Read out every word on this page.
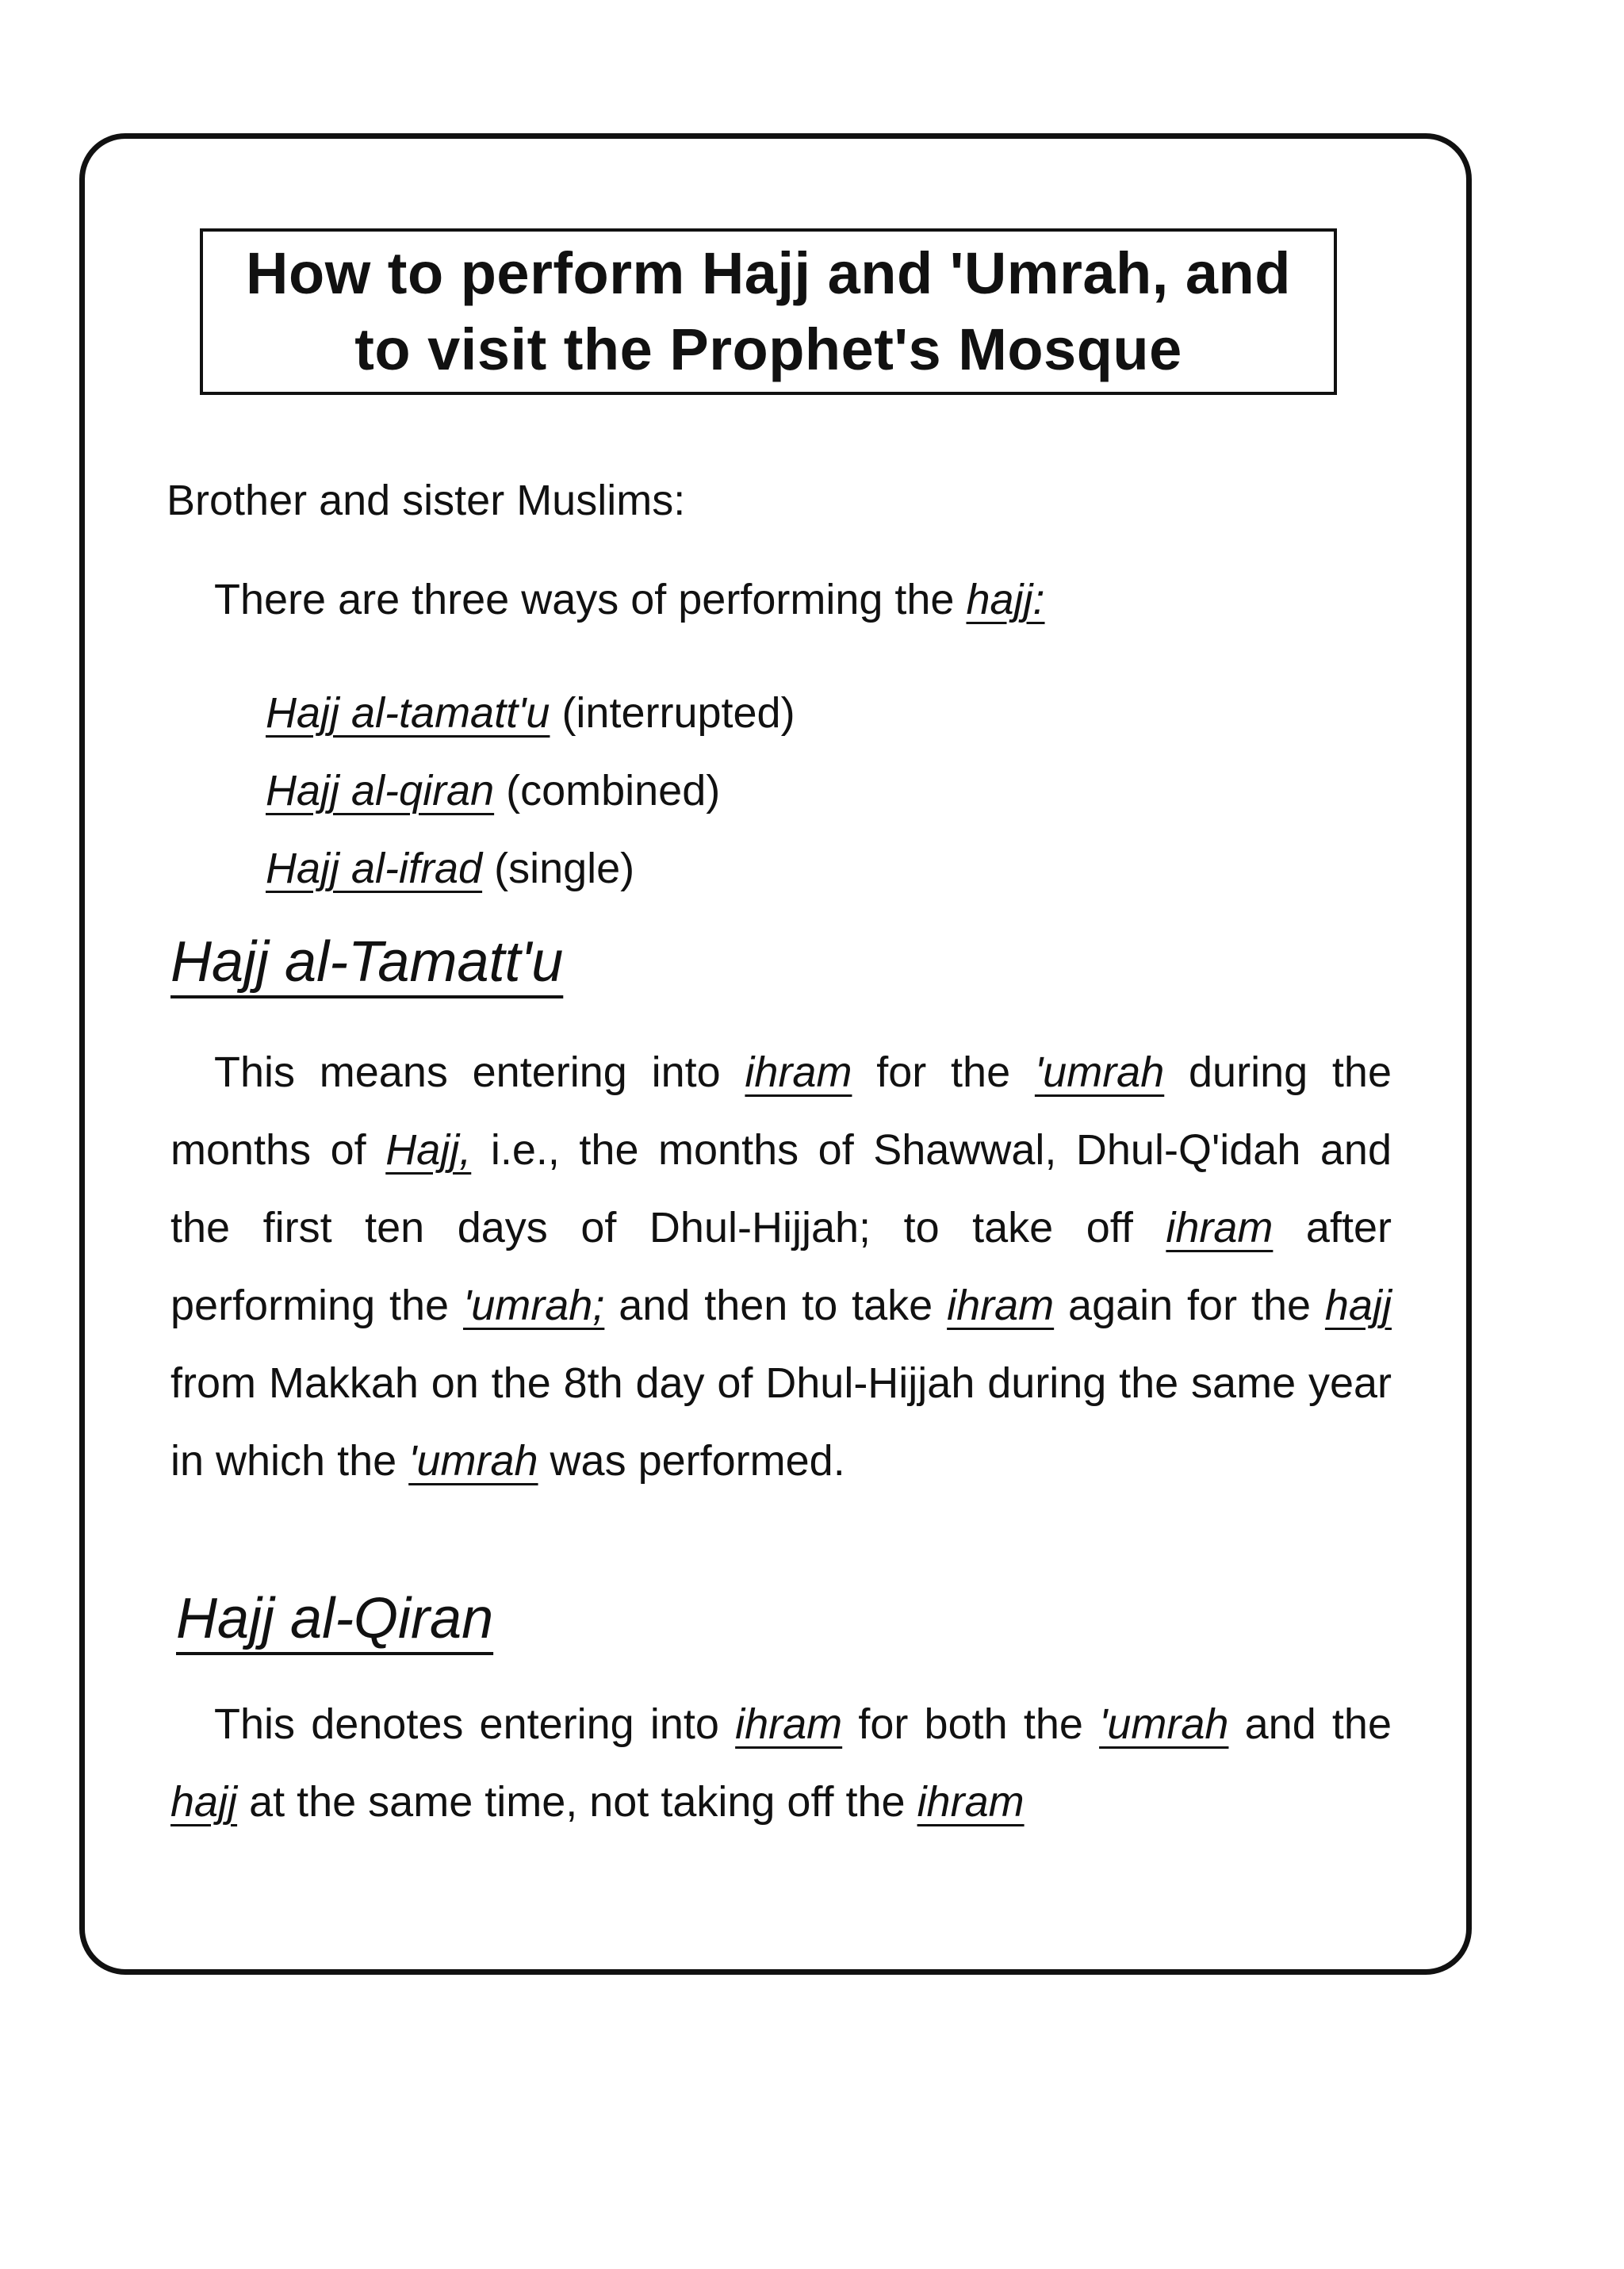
How to perform Hajj and 'Umrah, and
to visit the Prophet's Mosque
Brother and sister Muslims:
There are three ways of performing the hajj:
Hajj al-tamatt'u (interrupted)
Hajj al-qiran (combined)
Hajj al-ifrad (single)
Hajj al-Tamatt'u

This means entering into ihram for the 'umrah during the months of Hajj, i.e., the months of Shawwal, Dhul-Q'idah and the first ten days of Dhul-Hijjah; to take off ihram after performing the 'umrah; and then to take ihram again for the hajj from Makkah on the 8th day of Dhul-Hijjah during the same year in which the 'umrah was performed.

Hajj al-Qiran

This denotes entering into ihram for both the 'umrah and the hajj at the same time, not taking off the ihram
